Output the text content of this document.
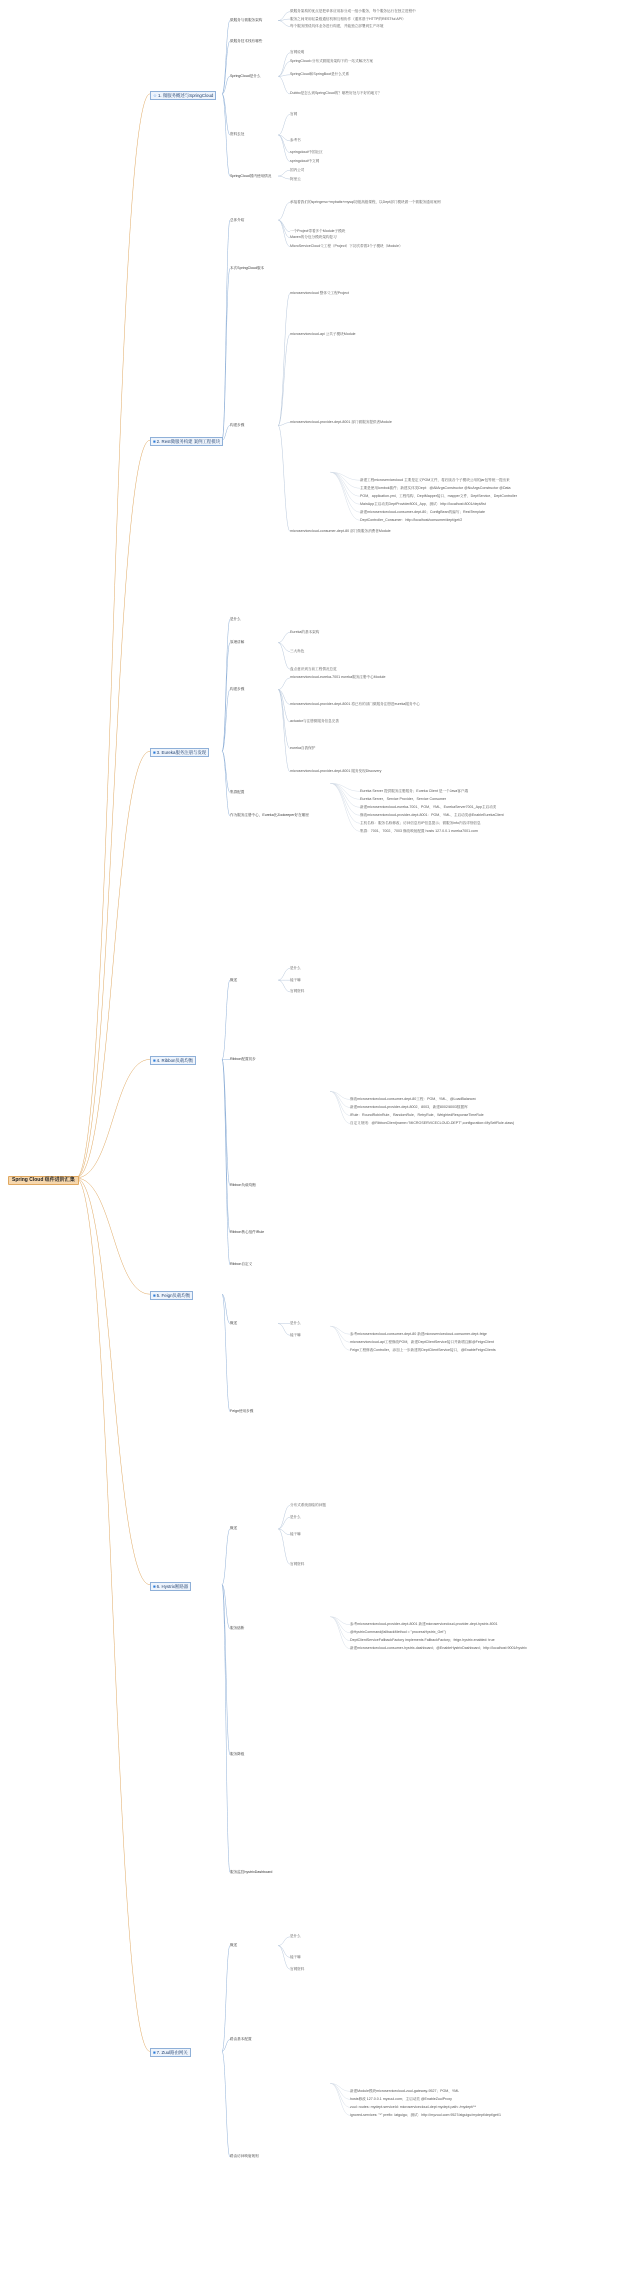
Spring Cloud 组件进阶汇集
☆1. 微服务概述与SpringCloud
■2. Rest微服务构建 案例工程模块
■3. Eureka服务注册与发现
■4. Ribbon负载均衡
■5. Feign负载均衡
■6. Hystrix断路器
■7. Zuul路由网关
微服务与微服务架构
微服务架构的优点是把单体应用拆分成一组小服务，每个服务运行在独立进程中
服务之间采用轻量级通信机制互相协作（通常基于HTTP的RESTful API）
每个服务围绕具体业务进行构建，并能独立部署到生产环境
微服务技术栈有哪些
SpringCloud是什么
官网说明
SpringCloud=分布式微服务架构下的一站式解决方案
SpringCloud和SpringBoot是什么关系
Dubbo是怎么到SpringCloud的？哪些好处与不好的地方？
资料去处
官网
参考书
springcloud中国社区
springcloud中文网
SpringCloud国内使用情况
国内公司
阿里云
总体介绍
承接着我们的springmvc+mybatis+mysql初级高级课程，以Dept部门模块做一个微服务通用案例
Maven的分包分模块架构复习
一个Project带着多个Module子模块
MicroServiceCloud父工程（Project）下初次带着3个子模块（Module）
本次SpringCloud版本
构建步骤
microservicecloud 整体父工程Project
microservicecloud-api 公共子模块Module
microservicecloud-provider-dept-8001 部门微服务提供者Module
microservicecloud-consumer-dept-80 部门微服务消费者Module
是什么
原理讲解
Eureka的基本架构
三大角色
盘点意识到当前工程情况总览
构建步骤
microservicecloud-eureka-7001 eureka服务注册中心Module
microservicecloud-provider-dept-8001 将已有的部门微服务注册进eureka服务中心
actuator与注册微服务信息完善
eureka自我保护
microservicecloud-provider-dept-8001 服务发现Discovery
集群配置
作为服务注册中心，Eureka比Zookeeper好在哪里
概述
是什么
能干嘛
官网资料
Ribbon配置初步
Ribbon负载均衡
Ribbon核心组件IRule
Ribbon自定义
概述	是什么
能干嘛
Feign使用步骤
概述
分布式系统面临的问题
是什么
能干嘛
官网资料
服务熔断
服务降级
服务监控hystrixDashboard
概述
是什么
能干嘛
官网资料
路由基本配置
路由访问映射规则
新建工程microservicecloud 主要是定义POM文件，将后续各个子模块公用的jar包等统一提出来
主要是使用lombok插件；新建实体类Dept：@AllArgsConstructor @NoArgsConstructor @Data
POM、application.yml、工程结构、DeptMapper接口、mapper文件、DeptService、DeptController
MainApp主启动类DeptProvider8001_App、测试：http://localhost:8001/dept/list
新建microservicecloud-consumer-dept-80；ConfigBean的编写；RestTemplate
DeptController_Consumer：http://localhost/consumer/dept/get/2
Eureka Server 提供服务注册服务；Eureka Client 是一个Java客户端
Eureka Server、Service Provider、Service Consumer
新建microservicecloud-eureka-7001、POM、YML、EurekaServer7001_App主启动类
修改microservicecloud-provider-dept-8001：POM、YML、主启动类@EnableEurekaClient
主机名称：服务名称修改；访问信息有IP信息提示；微服务info内容详细信息
集群：7001、7002、7003 修改映射配置 hosts 127.0.0.1 eureka7001.com
修改microservicecloud-consumer-dept-80工程：POM、YML、@LoadBalanced
新建microservicecloud-provider-dept-8002、8003，新建8002/8003数据库
IRule：RoundRobinRule、RandomRule、RetryRule、WeightedResponseTimeRule
自定义规则：@RibbonClient(name="MICROSERVICECLOUD-DEPT",configuration=MySelfRule.class)
参考microservicecloud-consumer-dept-80 新建microservicecloud-consumer-dept-feign
microservicecloud-api工程修改POM，新建DeptClientService接口并新增注解@FeignClient
Feign工程修改Controller，添加上一步新建的DeptClientService接口，@EnableFeignClients
参考microservicecloud-provider-dept-8001 新建microservicecloud-provider-dept-hystrix-8001
@HystrixCommand(fallbackMethod = "processHystrix_Get")
DeptClientServiceFallbackFactory implements FallbackFactory；feign.hystrix.enabled: true
新建microservicecloud-consumer-hystrix-dashboard；@EnableHystrixDashboard；http://localhost:9001/hystrix
新建Module模块microservicecloud-zuul-gateway-9527；POM、YML
hosts修改 127.0.0.1 myzuul.com；主启动类 @EnableZuulProxy
zuul: routes: mydept.serviceId: microservicecloud-dept mydept.path: /mydept/**
ignored-services: "*" prefix: /atguigu；测试：http://myzuul.com:9527/atguigu/mydept/dept/get/1
